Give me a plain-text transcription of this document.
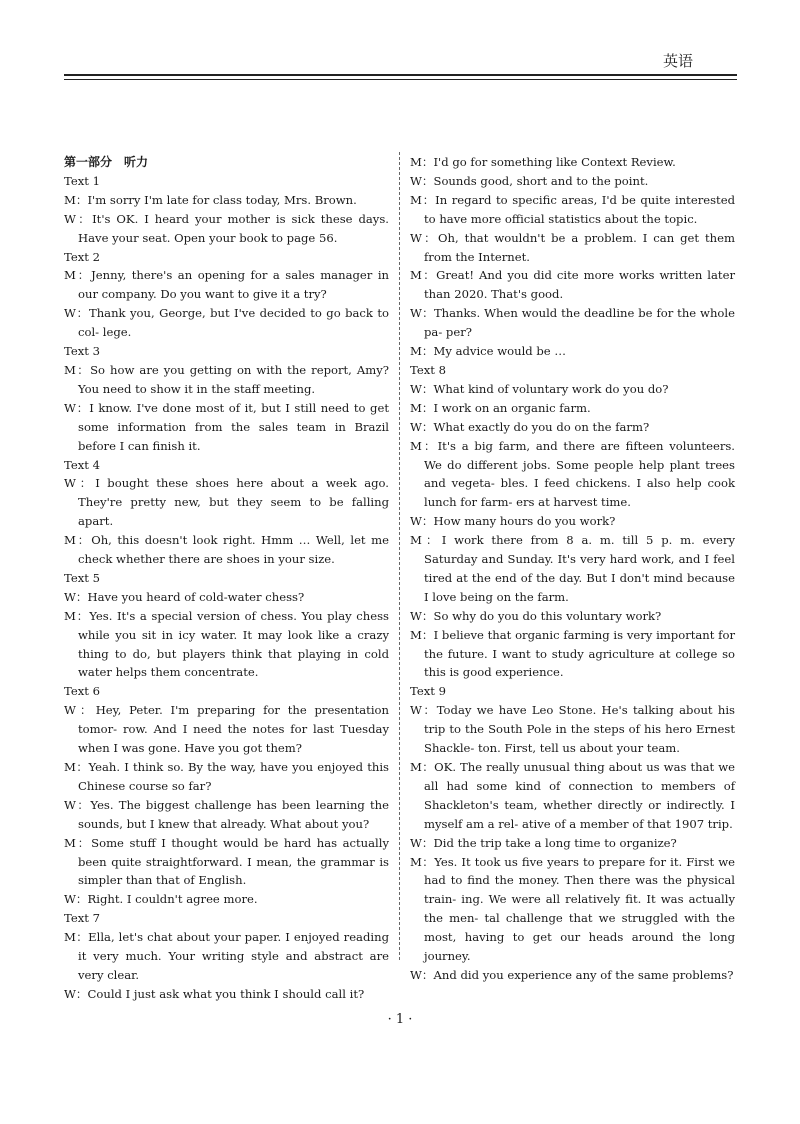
英语
第一部分　听力
Text 1
M：I'm sorry I'm late for class today, Mrs. Brown.
W：It's OK. I heard your mother is sick these days. Have your seat. Open your book to page 56.
Text 2
M：Jenny, there's an opening for a sales manager in our company. Do you want to give it a try?
W：Thank you, George, but I've decided to go back to col- lege.
Text 3
M：So how are you getting on with the report, Amy? You need to show it in the staff meeting.
W：I know. I've done most of it, but I still need to get some information from the sales team in Brazil before I can finish it.
Text 4
W：I bought these shoes here about a week ago. They're pretty new, but they seem to be falling apart.
M：Oh, this doesn't look right. Hmm … Well, let me check whether there are shoes in your size.
Text 5
W：Have you heard of cold-water chess?
M：Yes. It's a special version of chess. You play chess while you sit in icy water. It may look like a crazy thing to do, but players think that playing in cold water helps them concentrate.
Text 6
W：Hey, Peter. I'm preparing for the presentation tomor- row. And I need the notes for last Tuesday when I was gone. Have you got them?
M：Yeah. I think so. By the way, have you enjoyed this Chinese course so far?
W：Yes. The biggest challenge has been learning the sounds, but I knew that already. What about you?
M：Some stuff I thought would be hard has actually been quite straightforward. I mean, the grammar is simpler than that of English.
W：Right. I couldn't agree more.
Text 7
M：Ella, let's chat about your paper. I enjoyed reading it very much. Your writing style and abstract are very clear.
W：Could I just ask what you think I should call it?
M：I'd go for something like Context Review.
W：Sounds good, short and to the point.
M：In regard to specific areas, I'd be quite interested to have more official statistics about the topic.
W：Oh, that wouldn't be a problem. I can get them from the Internet.
M：Great! And you did cite more works written later than 2020. That's good.
W：Thanks. When would the deadline be for the whole pa- per?
M：My advice would be …
Text 8
W：What kind of voluntary work do you do?
M：I work on an organic farm.
W：What exactly do you do on the farm?
M：It's a big farm, and there are fifteen volunteers. We do different jobs. Some people help plant trees and vegeta- bles. I feed chickens. I also help cook lunch for farm- ers at harvest time.
W：How many hours do you work?
M：I work there from 8 a. m. till 5 p. m. every Saturday and Sunday. It's very hard work, and I feel tired at the end of the day. But I don't mind because I love being on the farm.
W：So why do you do this voluntary work?
M：I believe that organic farming is very important for the future. I want to study agriculture at college so this is good experience.
Text 9
W：Today we have Leo Stone. He's talking about his trip to the South Pole in the steps of his hero Ernest Shackle- ton. First, tell us about your team.
M：OK. The really unusual thing about us was that we all had some kind of connection to members of Shackleton's team, whether directly or indirectly. I myself am a rel- ative of a member of that 1907 trip.
W：Did the trip take a long time to organize?
M：Yes. It took us five years to prepare for it. First we had to find the money. Then there was the physical train- ing. We were all relatively fit. It was actually the men- tal challenge that we struggled with the most, having to get our heads around the long journey.
W：And did you experience any of the same problems?
· 1 ·
